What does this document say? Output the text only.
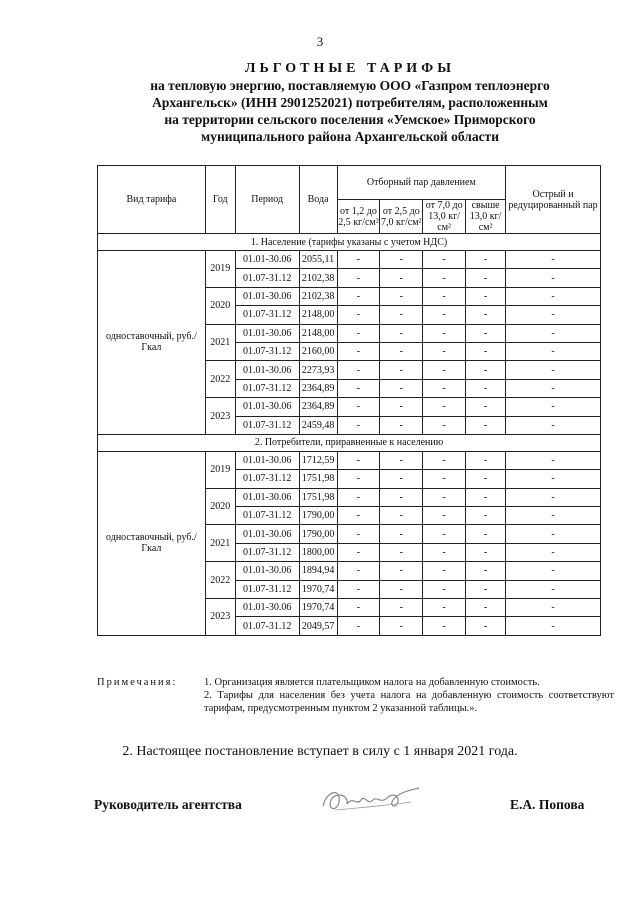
3
ЛЬГОТНЫЕ ТАРИФЫ
на тепловую энергию, поставляемую ООО «Газпром теплоэнерго
Архангельск» (ИНН 2901252021) потребителям, расположенным
на территории сельского поселения «Уемское» Приморского
муниципального района Архангельской области
Вид тарифа	Год	Период	Вода	Отборный пар давлением				Острый и редуцированный пар
				от 1,2 до 2,5 кг/см²	от 2,5 до 7,0 кг/см²	от 7,0 до 13,0 кг/см²	свыше 13,0 кг/см²	
1. Население (тарифы указаны с учетом НДС)								
одноставочный, руб./Гкал	2019	01.01-30.06	2055,11	-	-	-	-	-
		01.07-31.12	2102,38	-	-	-	-	-
	2020	01.01-30.06	2102,38	-	-	-	-	-
		01.07-31.12	2148,00	-	-	-	-	-
	2021	01.01-30.06	2148,00	-	-	-	-	-
		01.07-31.12	2160,00	-	-	-	-	-
	2022	01.01-30.06	2273,93	-	-	-	-	-
		01.07-31.12	2364,89	-	-	-	-	-
	2023	01.01-30.06	2364,89	-	-	-	-	-
		01.07-31.12	2459,48	-	-	-	-	-
2. Потребители, приравненные к населению								
одноставочный, руб./Гкал	2019	01.01-30.06	1712,59	-	-	-	-	-
		01.07-31.12	1751,98	-	-	-	-	-
	2020	01.01-30.06	1751,98	-	-	-	-	-
		01.07-31.12	1790,00	-	-	-	-	-
	2021	01.01-30.06	1790,00	-	-	-	-	-
		01.07-31.12	1800,00	-	-	-	-	-
	2022	01.01-30.06	1894,94	-	-	-	-	-
		01.07-31.12	1970,74	-	-	-	-	-
	2023	01.01-30.06	1970,74	-	-	-	-	-
		01.07-31.12	2049,57	-	-	-	-	-
Примечания:	1. Организация является плательщиком налога на добавленную стоимость.
2. Тарифы для населения без учета налога на добавленную стоимость соответствуют тарифам, предусмотренным пунктом 2 указанной таблицы.».
2. Настоящее постановление вступает в силу с 1 января 2021 года.
Руководитель агентства	Е.А. Попова
